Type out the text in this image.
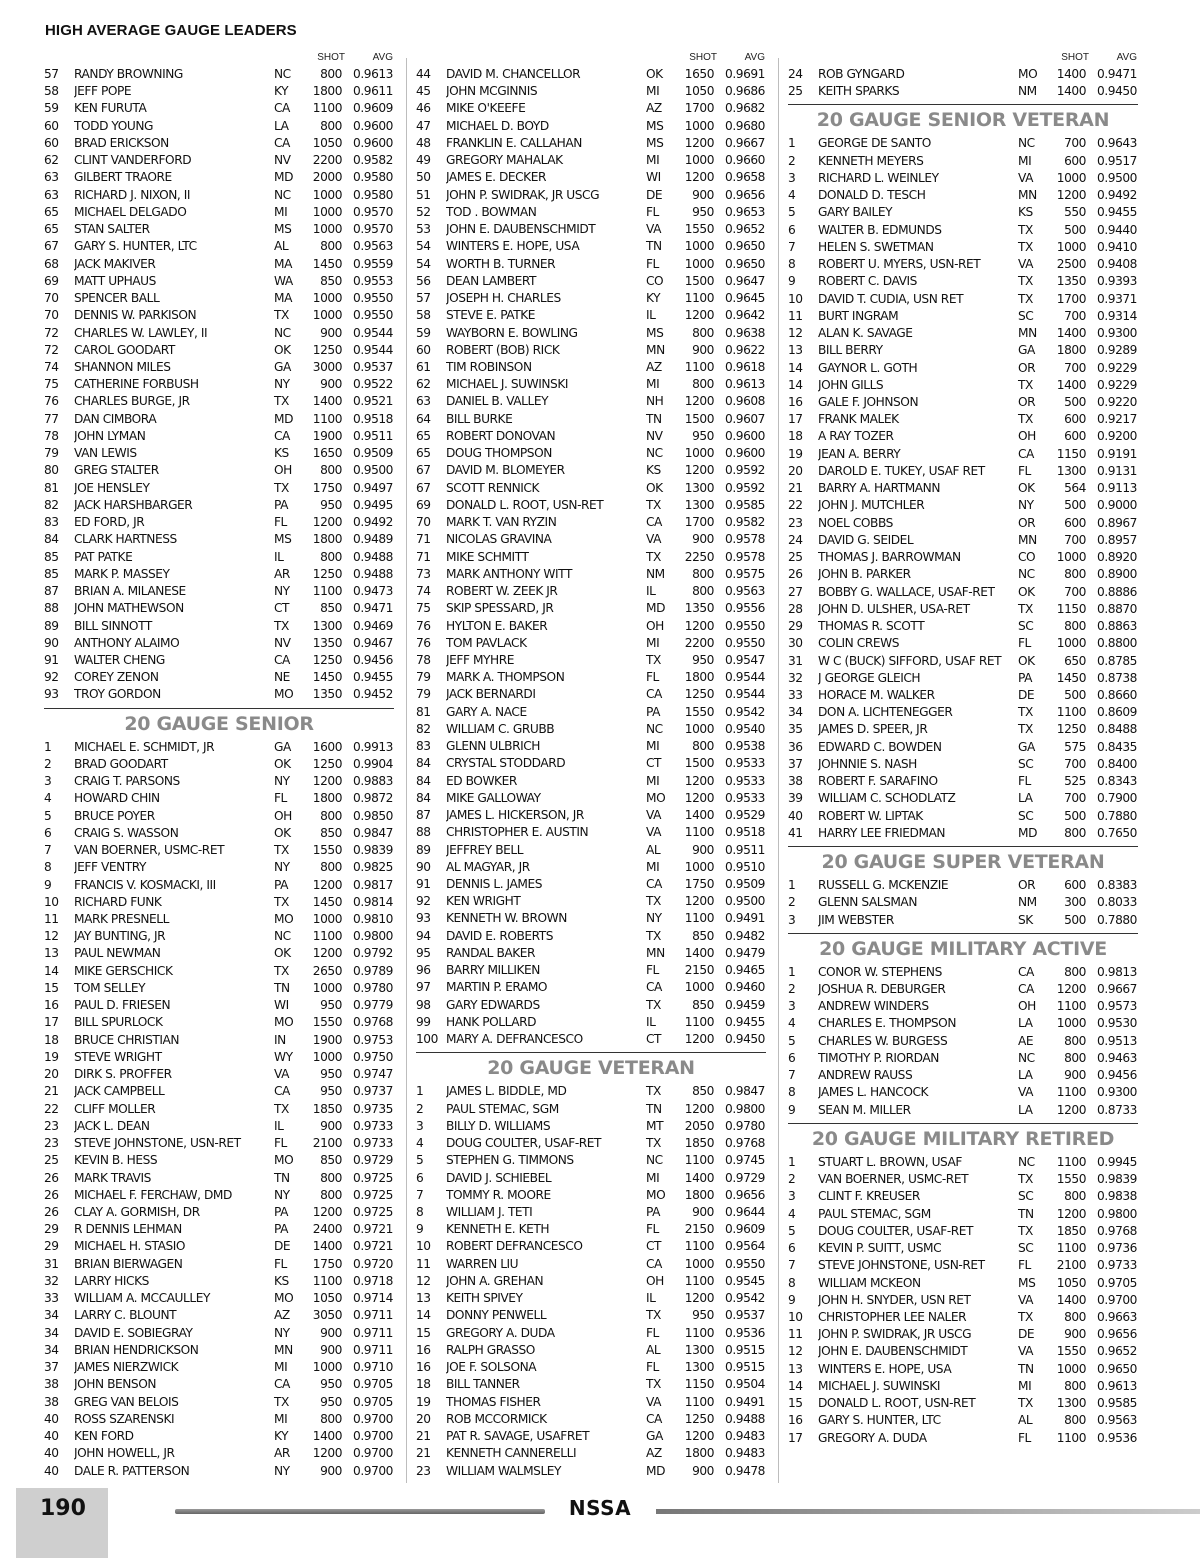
HIGH AVERAGE GAUGE LEADERS
SHOT	AVG
57	RANDY BROWNING	NC	800 0.9613
58	JEFF POPE	KY	1800 0.9611
59	KEN FURUTA	CA	1100 0.9609
60	TODD YOUNG	LA	800 0.9600
60	BRAD ERICKSON	CA	1050 0.9600
62	CLINT VANDERFORD	NV	2200 0.9582
63	GILBERT TRAORE	MD	2000 0.9580
63	RICHARD J. NIXON, II	NC	1000 0.9580
65	MICHAEL DELGADO	MI	1000 0.9570
65	STAN SALTER	MS	1000 0.9570
67	GARY S. HUNTER, LTC	AL	800 0.9563
68	JACK MAKIVER	MA	1450 0.9559
69	MATT UPHAUS	WA	850 0.9553
70	SPENCER BALL	MA	1000 0.9550
70	DENNIS W. PARKISON	TX	1000 0.9550
72	CHARLES W. LAWLEY, II	NC	900 0.9544
72	CAROL GOODART	OK	1250 0.9544
74	SHANNON MILES	GA	3000 0.9537
75	CATHERINE FORBUSH	NY	900 0.9522
76	CHARLES BURGE, JR	TX	1400 0.9521
77	DAN CIMBORA	MD	1100 0.9518
78	JOHN LYMAN	CA	1900 0.9511
79	VAN LEWIS	KS	1650 0.9509
80	GREG STALTER	OH	800 0.9500
81	JOE HENSLEY	TX	1750 0.9497
82	JACK HARSHBARGER	PA	950 0.9495
83	ED FORD, JR	FL	1200 0.9492
84	CLARK HARTNESS	MS	1800 0.9489
85	PAT PATKE	IL	800 0.9488
85	MARK P. MASSEY	AR	1250 0.9488
87	BRIAN A. MILANESE	NY	1100 0.9473
88	JOHN MATHEWSON	CT	850 0.9471
89	BILL SINNOTT	TX	1300 0.9469
90	ANTHONY ALAIMO	NV	1350 0.9467
91	WALTER CHENG	CA	1250 0.9456
92	COREY ZENON	NE	1450 0.9455
93	TROY GORDON	MO	1350 0.9452
20 GAUGE SENIOR
1	MICHAEL E. SCHMIDT, JR	GA	1600 0.9913
2	BRAD GOODART	OK	1250 0.9904
3	CRAIG T. PARSONS	NY	1200 0.9883
4	HOWARD CHIN	FL	1800 0.9872
5	BRUCE POYER	OH	800 0.9850
6	CRAIG S. WASSON	OK	850 0.9847
7	VAN BOERNER, USMC-RET	TX	1550 0.9839
8	JEFF VENTRY	NY	800 0.9825
9	FRANCIS V. KOSMACKI, III	PA	1200 0.9817
10	RICHARD FUNK	TX	1450 0.9814
11	MARK PRESNELL	MO	1000 0.9810
12	JAY BUNTING, JR	NC	1100 0.9800
13	PAUL NEWMAN	OK	1200 0.9792
14	MIKE GERSCHICK	TX	2650 0.9789
15	TOM SELLEY	TN	1000 0.9780
16	PAUL D. FRIESEN	WI	950 0.9779
17	BILL SPURLOCK	MO	1550 0.9768
18	BRUCE CHRISTIAN	IN	1900 0.9753
19	STEVE WRIGHT	WY	1000 0.9750
20	DIRK S. PROFFER	VA	950 0.9747
21	JACK CAMPBELL	CA	950 0.9737
22	CLIFF MOLLER	TX	1850 0.9735
23	JACK L. DEAN	IL	900 0.9733
23	STEVE JOHNSTONE, USN-RET	FL	2100 0.9733
25	KEVIN B. HESS	MO	850 0.9729
26	MARK TRAVIS	TN	800 0.9725
26	MICHAEL F. FERCHAW, DMD	NY	800 0.9725
26	CLAY A. GORMISH, DR	PA	1200 0.9725
29	R DENNIS LEHMAN	PA	2400 0.9721
29	MICHAEL H. STASIO	DE	1400 0.9721
31	BRIAN BIERWAGEN	FL	1750 0.9720
32	LARRY HICKS	KS	1100 0.9718
33	WILLIAM A. MCCAULLEY	MO	1050 0.9714
34	LARRY C. BLOUNT	AZ	3050 0.9711
34	DAVID E. SOBIEGRAY	NY	900 0.9711
34	BRIAN HENDRICKSON	MN	900 0.9711
37	JAMES NIERZWICK	MI	1000 0.9710
38	JOHN BENSON	CA	950 0.9705
38	GREG VAN BELOIS	TX	950 0.9705
40	ROSS SZARENSKI	MI	800 0.9700
40	KEN FORD	KY	1400 0.9700
40	JOHN HOWELL, JR	AR	1200 0.9700
40	DALE R. PATTERSON	NY	900 0.9700
SHOT	AVG
44	DAVID M. CHANCELLOR	OK	1650 0.9691
45	JOHN MCGINNIS	MI	1050 0.9686
46	MIKE O'KEEFE	AZ	1700 0.9682
47	MICHAEL D. BOYD	MS	1000 0.9680
48	FRANKLIN E. CALLAHAN	MS	1200 0.9667
49	GREGORY MAHALAK	MI	1000 0.9660
50	JAMES E. DECKER	WI	1200 0.9658
51	JOHN P. SWIDRAK, JR USCG	DE	900 0.9656
52	TOD . BOWMAN	FL	950 0.9653
53	JOHN E. DAUBENSCHMIDT	VA	1550 0.9652
54	WINTERS E. HOPE, USA	TN	1000 0.9650
54	WORTH B. TURNER	FL	1000 0.9650
56	DEAN LAMBERT	CO	1500 0.9647
57	JOSEPH H. CHARLES	KY	1100 0.9645
58	STEVE E. PATKE	IL	1200 0.9642
59	WAYBORN E. BOWLING	MS	800 0.9638
60	ROBERT (BOB) RICK	MN	900 0.9622
61	TIM ROBINSON	AZ	1100 0.9618
62	MICHAEL J. SUWINSKI	MI	800 0.9613
63	DANIEL B. VALLEY	NH	1200 0.9608
64	BILL BURKE	TN	1500 0.9607
65	ROBERT DONOVAN	NV	950 0.9600
65	DOUG THOMPSON	NC	1000 0.9600
67	DAVID M. BLOMEYER	KS	1200 0.9592
67	SCOTT RENNICK	OK	1300 0.9592
69	DONALD L. ROOT, USN-RET	TX	1300 0.9585
70	MARK T. VAN RYZIN	CA	1700 0.9582
71	NICOLAS GRAVINA	VA	900 0.9578
71	MIKE SCHMITT	TX	2250 0.9578
73	MARK ANTHONY WITT	NM	800 0.9575
74	ROBERT W. ZEEK JR	IL	800 0.9563
75	SKIP SPESSARD, JR	MD	1350 0.9556
76	HYLTON E. BAKER	OH	1200 0.9550
76	TOM PAVLACK	MI	2200 0.9550
78	JEFF MYHRE	TX	950 0.9547
79	MARK A. THOMPSON	FL	1800 0.9544
79	JACK BERNARDI	CA	1250 0.9544
81	GARY A. NACE	PA	1550 0.9542
82	WILLIAM C. GRUBB	NC	1000 0.9540
83	GLENN ULBRICH	MI	800 0.9538
84	CRYSTAL STODDARD	CT	1500 0.9533
84	ED BOWKER	MI	1200 0.9533
84	MIKE GALLOWAY	MO	1200 0.9533
87	JAMES L. HICKERSON, JR	VA	1400 0.9529
88	CHRISTOPHER E. AUSTIN	VA	1100 0.9518
89	JEFFREY BELL	AL	900 0.9511
90	AL MAGYAR, JR	MI	1000 0.9510
91	DENNIS L. JAMES	CA	1750 0.9509
92	KEN WRIGHT	TX	1200 0.9500
93	KENNETH W. BROWN	NY	1100 0.9491
94	DAVID E. ROBERTS	TX	850 0.9482
95	RANDAL BAKER	MN	1400 0.9479
96	BARRY MILLIKEN	FL	2150 0.9465
97	MARTIN P. ERAMO	CA	1000 0.9460
98	GARY EDWARDS	TX	850 0.9459
99	HANK POLLARD	IL	1100 0.9455
100 MARY A. DEFRANCESCO	CT	1200 0.9450
20 GAUGE VETERAN
1	JAMES L. BIDDLE, MD	TX	850 0.9847
2	PAUL STEMAC, SGM	TN	1200 0.9800
3	BILLY D. WILLIAMS	MT	2050 0.9780
4	DOUG COULTER, USAF-RET	TX	1850 0.9768
5	STEPHEN G. TIMMONS	NC	1100 0.9745
6	DAVID J. SCHIEBEL	MI	1400 0.9729
7	TOMMY R. MOORE	MO	1800 0.9656
8	WILLIAM J. TETI	PA	900 0.9644
9	KENNETH E. KETH	FL	2150 0.9609
10	ROBERT DEFRANCESCO	CT	1100 0.9564
11	WARREN LIU	CA	1000 0.9550
12	JOHN A. GREHAN	OH	1100 0.9545
13	KEITH SPIVEY	IL	1200 0.9542
14	DONNY PENWELL	TX	950 0.9537
15	GREGORY A. DUDA	FL	1100 0.9536
16	RALPH GRASSO	AL	1300 0.9515
16	JOE F. SOLSONA	FL	1300 0.9515
18	BILL TANNER	TX	1150 0.9504
19	THOMAS FISHER	VA	1100 0.9491
20	ROB MCCORMICK	CA	1250 0.9488
21	PAT R. SAVAGE, USAFRET	GA	1200 0.9483
21	KENNETH CANNERELLI	AZ	1800 0.9483
23	WILLIAM WALMSLEY	MD	900 0.9478
SHOT	AVG
24	ROB GYNGARD	MO	1400 0.9471
25	KEITH SPARKS	NM	1400 0.9450
20 GAUGE SENIOR VETERAN
1	GEORGE DE SANTO	NC	700 0.9643
2	KENNETH MEYERS	MI	600 0.9517
3	RICHARD L. WEINLEY	VA	1000 0.9500
4	DONALD D. TESCH	MN	1200 0.9492
5	GARY BAILEY	KS	550 0.9455
6	WALTER B. EDMUNDS	TX	500 0.9440
7	HELEN S. SWETMAN	TX	1000 0.9410
8	ROBERT U. MYERS, USN-RET	VA	2500 0.9408
9	ROBERT C. DAVIS	TX	1350 0.9393
10	DAVID T. CUDIA, USN RET	TX	1700 0.9371
11	BURT INGRAM	SC	700 0.9314
12	ALAN K. SAVAGE	MN	1400 0.9300
13	BILL BERRY	GA	1800 0.9289
14	GAYNOR L. GOTH	OR	700 0.9229
14	JOHN GILLS	TX	1400 0.9229
16	GALE F. JOHNSON	OR	500 0.9220
17	FRANK MALEK	TX	600 0.9217
18	A RAY TOZER	OH	600 0.9200
19	JEAN A. BERRY	CA	1150 0.9191
20	DAROLD E. TUKEY, USAF RET	FL	1300 0.9131
21	BARRY A. HARTMANN	OK	564 0.9113
22	JOHN J. MUTCHLER	NY	500 0.9000
23	NOEL COBBS	OR	600 0.8967
24	DAVID G. SEIDEL	MN	700 0.8957
25	THOMAS J. BARROWMAN	CO	1000 0.8920
26	JOHN B. PARKER	NC	800 0.8900
27	BOBBY G. WALLACE, USAF-RET	OK	700 0.8886
28	JOHN D. ULSHER, USA-RET	TX	1150 0.8870
29	THOMAS R. SCOTT	SC	800 0.8863
30	COLIN CREWS	FL	1000 0.8800
31	W C (BUCK) SIFFORD, USAF RET	OK	650 0.8785
32	J GEORGE GLEICH	PA	1450 0.8738
33	HORACE M. WALKER	DE	500 0.8660
34	DON A. LICHTENEGGER	TX	1100 0.8609
35	JAMES D. SPEER, JR	TX	1250 0.8488
36	EDWARD C. BOWDEN	GA	575 0.8435
37	JOHNNIE S. NASH	SC	700 0.8400
38	ROBERT F. SARAFINO	FL	525 0.8343
39	WILLIAM C. SCHODLATZ	LA	700 0.7900
40	ROBERT W. LIPTAK	SC	500 0.7880
41	HARRY LEE FRIEDMAN	MD	800 0.7650
20 GAUGE SUPER VETERAN
1	RUSSELL G. MCKENZIE	OR	600 0.8383
2	GLENN SALSMAN	NM	300 0.8033
3	JIM WEBSTER	SK	500 0.7880
20 GAUGE MILITARY ACTIVE
1	CONOR W. STEPHENS	CA	800 0.9813
2	JOSHUA R. DEBURGER	CA	1200 0.9667
3	ANDREW WINDERS	OH	1100 0.9573
4	CHARLES E. THOMPSON	LA	1000 0.9530
5	CHARLES W. BURGESS	AE	800 0.9513
6	TIMOTHY P. RIORDAN	NC	800 0.9463
7	ANDREW RAUSS	LA	900 0.9456
8	JAMES L. HANCOCK	VA	1100 0.9300
9	SEAN M. MILLER	LA	1200 0.8733
20 GAUGE MILITARY RETIRED
1	STUART L. BROWN, USAF	NC	1100 0.9945
2	VAN BOERNER, USMC-RET	TX	1550 0.9839
3	CLINT F. KREUSER	SC	800 0.9838
4	PAUL STEMAC, SGM	TN	1200 0.9800
5	DOUG COULTER, USAF-RET	TX	1850 0.9768
6	KEVIN P. SUITT, USMC	SC	1100 0.9736
7	STEVE JOHNSTONE, USN-RET	FL	2100 0.9733
8	WILLIAM MCKEON	MS	1050 0.9705
9	JOHN H. SNYDER, USN RET	VA	1400 0.9700
10	CHRISTOPHER LEE NALER	TX	800 0.9663
11	JOHN P. SWIDRAK, JR USCG	DE	900 0.9656
12	JOHN E. DAUBENSCHMIDT	VA	1550 0.9652
13	WINTERS E. HOPE, USA	TN	1000 0.9650
14	MICHAEL J. SUWINSKI	MI	800 0.9613
15	DONALD L. ROOT, USN-RET	TX	1300 0.9585
16	GARY S. HUNTER, LTC	AL	800 0.9563
17	GREGORY A. DUDA	FL	1100 0.9536
190	NSSA
